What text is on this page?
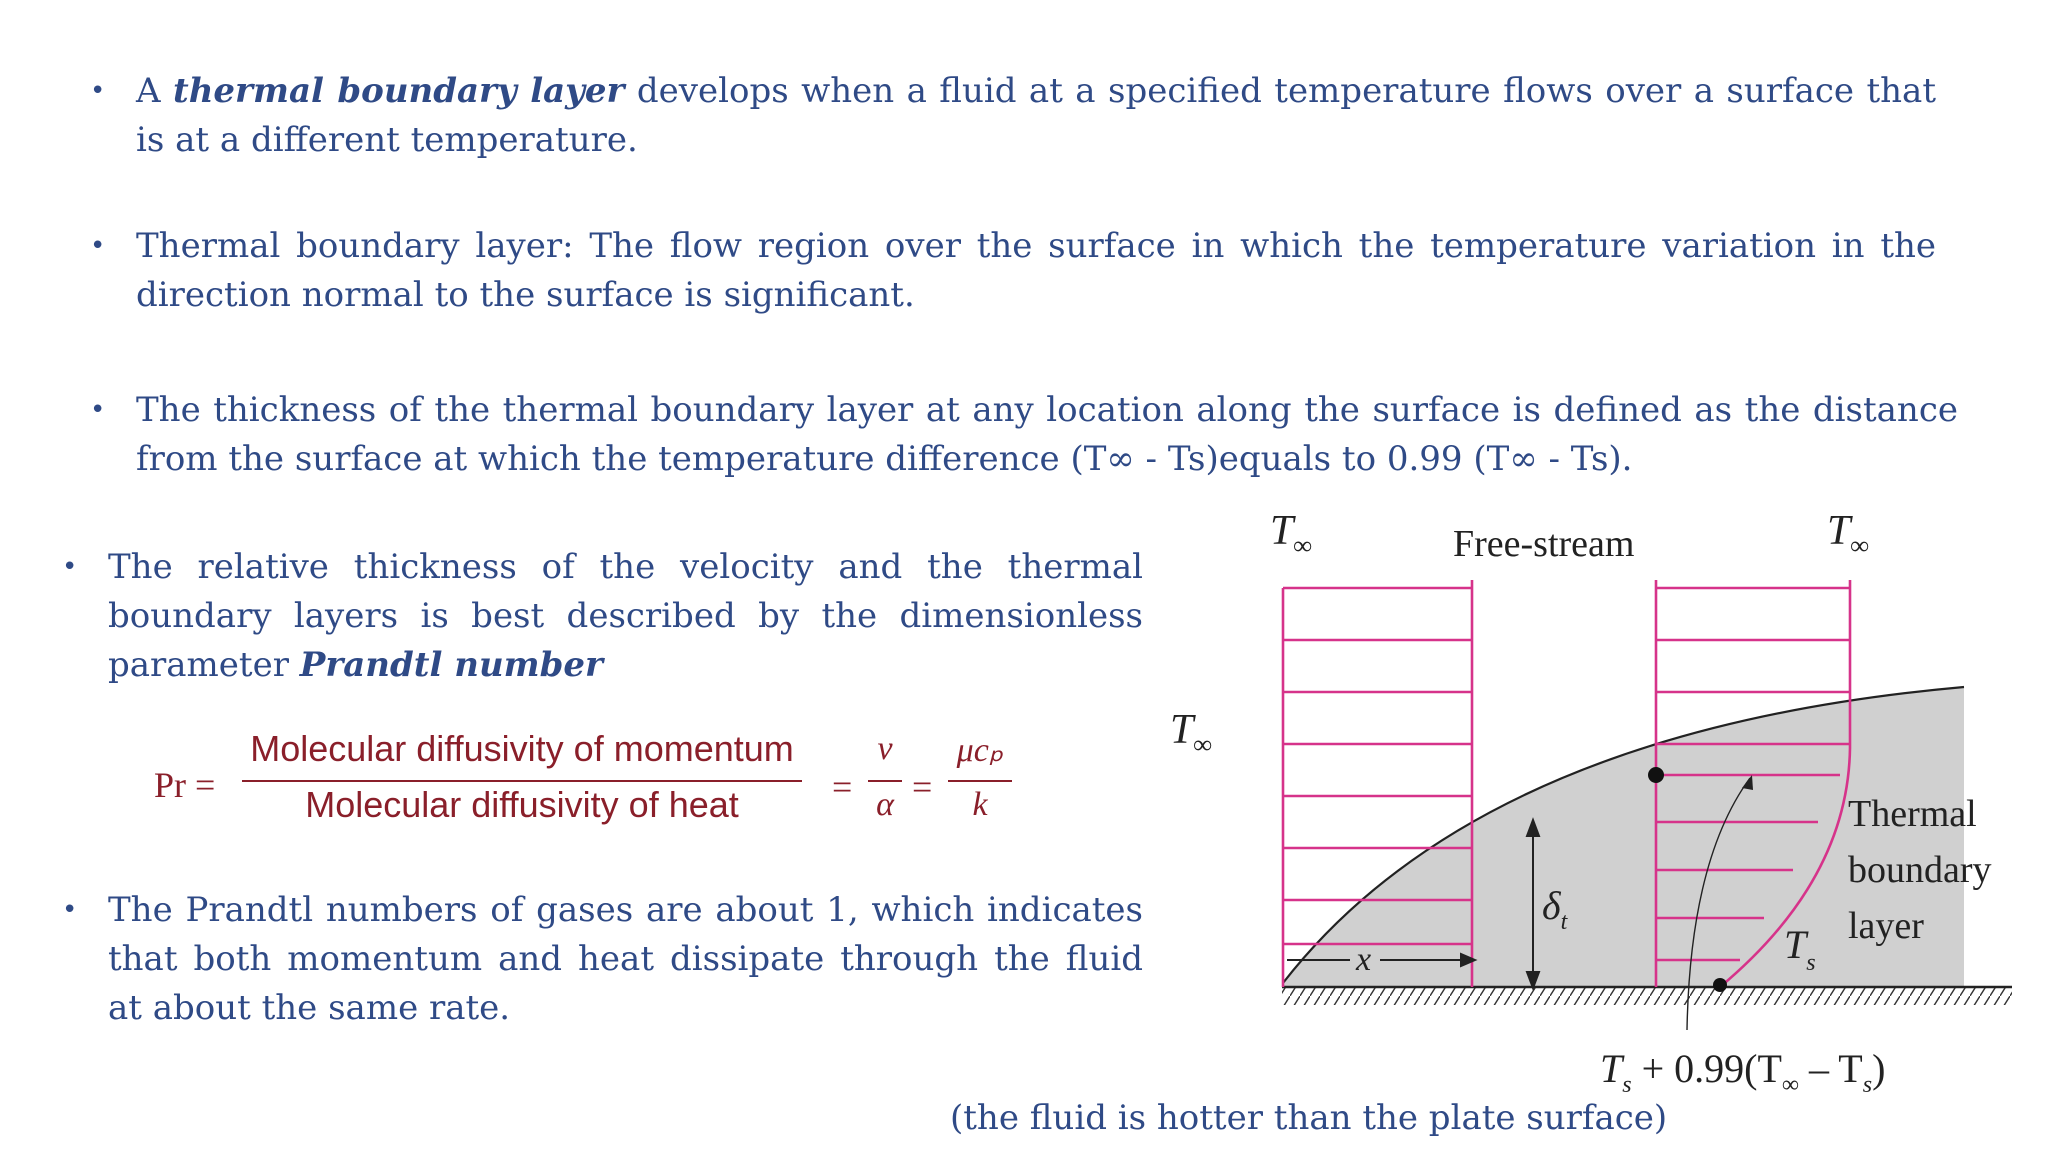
• A thermal boundary layer develops when a fluid at a specified temperature flows over a surface that is at a different temperature.
• Thermal boundary layer: The flow region over the surface in which the temperature variation in the direction normal to the surface is significant.
• The thickness of the thermal boundary layer at any location along the surface is defined as the distance from the surface at which the temperature difference (T∞ - Ts)equals to 0.99 (T∞ - Ts).
• The relative thickness of the velocity and the thermal boundary layers is best described by the dimensionless parameter Prandtl number
Pr =
Molecular diffusivity of momentum
Molecular diffusivity of heat	=
ν
α =
μcₚ
k
• The Prandtl numbers of gases are about 1, which indicates that both momentum and heat dissipate through the fluid at about the same rate.
$T_\infty$	Free-stream	$T_\infty$
$T_\infty$
Thermal
boundary
layer
$\delta_t$
x	$T_s$
$T_s + 0.99(T_\infty - T_s)$
(the fluid is hotter than the plate surface)
